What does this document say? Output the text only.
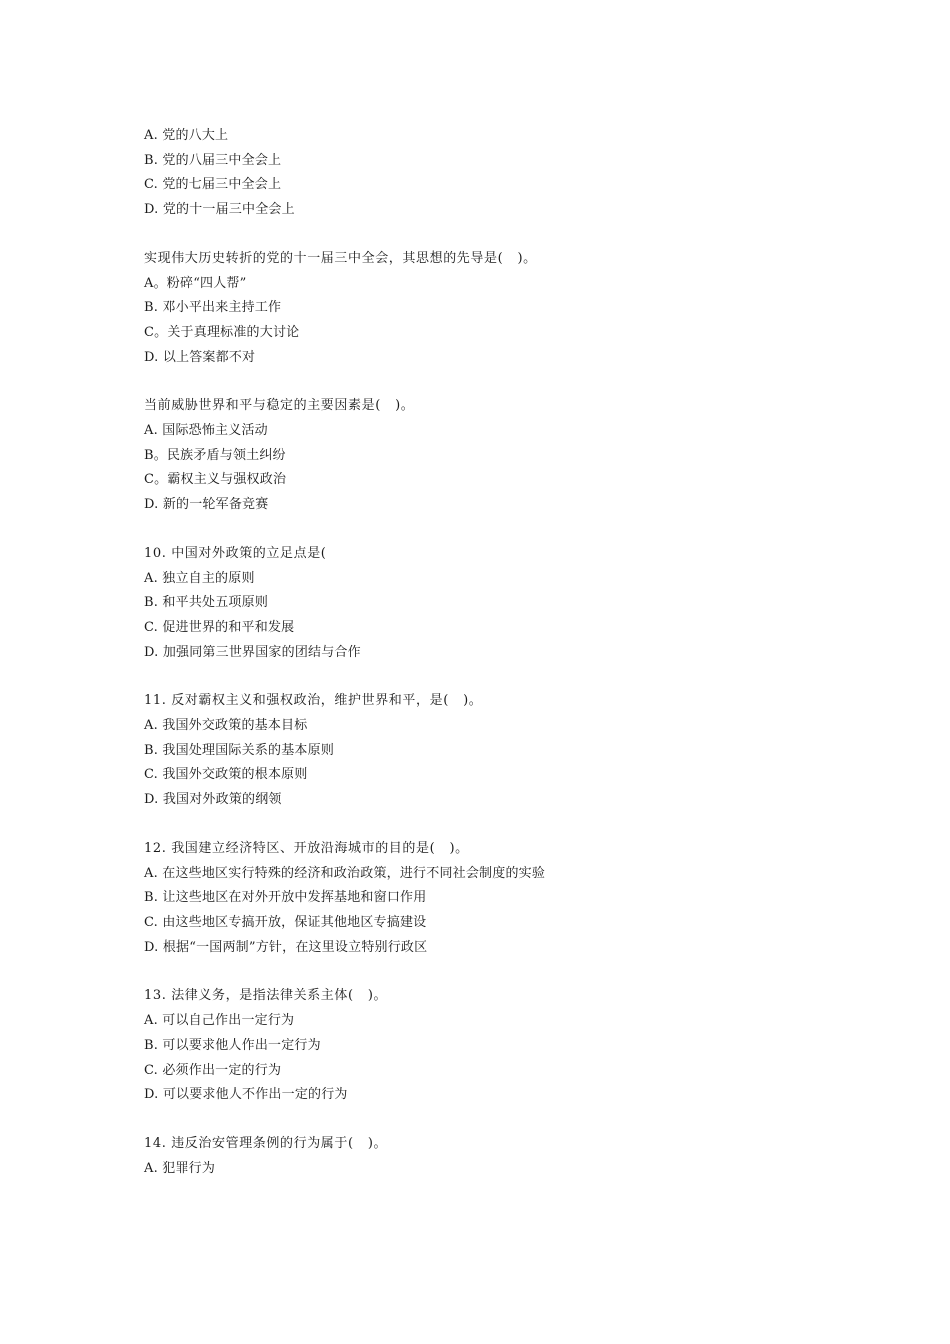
A. 党的八大上
B. 党的八届三中全会上
C. 党的七届三中全会上
D. 党的十一届三中全会上
实现伟大历史转折的党的十一届三中全会，其思想的先导是(   )。
A。粉碎“四人帮”
B. 邓小平出来主持工作
C。关于真理标准的大讨论
D. 以上答案都不对
当前威胁世界和平与稳定的主要因素是(   )。
A. 国际恐怖主义活动
B。民族矛盾与领土纠纷
C。霸权主义与强权政治
D. 新的一轮军备竞赛
10. 中国对外政策的立足点是(
A. 独立自主的原则
B. 和平共处五项原则
C. 促进世界的和平和发展
D. 加强同第三世界国家的团结与合作
11. 反对霸权主义和强权政治，维护世界和平，是(   )。
A. 我国外交政策的基本目标
B. 我国处理国际关系的基本原则
C. 我国外交政策的根本原则
D. 我国对外政策的纲领
12. 我国建立经济特区、开放沿海城市的目的是(   )。
A. 在这些地区实行特殊的经济和政治政策，进行不同社会制度的实验
B. 让这些地区在对外开放中发挥基地和窗口作用
C. 由这些地区专搞开放，保证其他地区专搞建设
D. 根据“一国两制”方针，在这里设立特别行政区
13. 法律义务，是指法律关系主体(   )。
A. 可以自己作出一定行为
B. 可以要求他人作出一定行为
C. 必须作出一定的行为
D. 可以要求他人不作出一定的行为
14. 违反治安管理条例的行为属于(   )。
A. 犯罪行为
